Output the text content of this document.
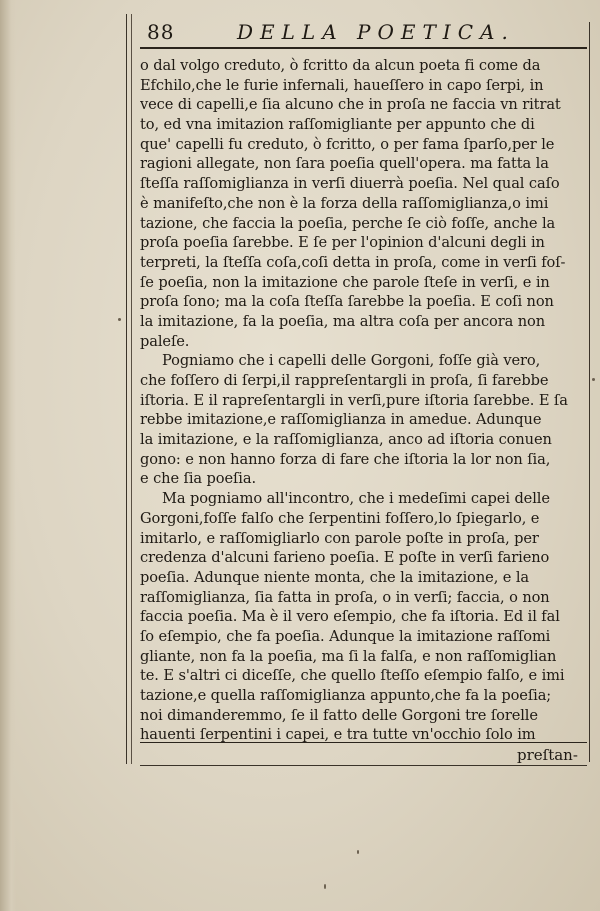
88	DELLA POETICA.
o dal volgo creduto, ò fcritto da alcun poeta fi come da
Efchilo,che le furie infernali, haueſſero in capo ſerpi, in
vece di capelli,e ſia alcuno che in proſa ne faccia vn ritrat
to, ed vna imitazion raſſomigliante per appunto che di
que' capelli fu creduto, ò fcritto, o per fama ſparſo,per le
ragioni allegate, non ſara poeſia quell'opera. ma fatta la
ſteſſa raſſomiglianza in verſi diuerrà poeſia. Nel qual caſo
è manifeſto,che non è la forza della raſſomiglianza,o imi
tazione, che faccia la poeſia, perche ſe ciò foſſe, anche la
proſa poeſia ſarebbe. E ſe per l'opinion d'alcuni degli in
terpreti, la ſteſſa coſa,coſi detta in proſa, come in verſi foſ-
ſe poeſia, non la imitazione che parole ſteſe in verſi, e in
proſa ſono; ma la coſa ſteſſa ſarebbe la poeſia. E coſi non
la imitazione, fa la poeſia, ma altra coſa per ancora non
paleſe.
Pogniamo che i capelli delle Gorgoni, foſſe già vero,
che foſſero di ſerpi,il rappreſentargli in proſa, ſi farebbe
iſtoria. E il rapreſentargli in verſi,pure iſtoria ſarebbe. E ſa
rebbe imitazione,e raſſomiglianza in amedue. Adunque
la imitazione, e la raſſomiglianza, anco ad iſtoria conuen
gono: e non hanno forza di fare che iſtoria la lor non ſia,
e che ſia poeſia.
Ma pogniamo all'incontro, che i medeſimi capei delle
Gorgoni,foſſe falſo che ſerpentini foſſero,lo ſpiegarlo, e
imitarlo, e raſſomigliarlo con parole poſte in proſa, per
credenza d'alcuni farieno poeſia. E poſte in verſi farieno
poeſia. Adunque niente monta, che la imitazione, e la
raſſomiglianza, ſia fatta in proſa, o in verſi; faccia, o non
faccia poeſia. Ma è il vero eſempio, che fa iſtoria. Ed il fal
ſo eſempio, che fa poeſia. Adunque la imitazione raſſomi
gliante, non fa la poeſia, ma ſi la falſa, e non raſſomiglian
te. E s'altri ci diceſſe, che quello ſteſſo eſempio falſo, e imi
tazione,e quella raſſomiglianza appunto,che fa la poeſia;
noi dimanderemmo, ſe il fatto delle Gorgoni tre ſorelle
hauenti ſerpentini i capei, e tra tutte vn'occhio ſolo im_
preſtan-
